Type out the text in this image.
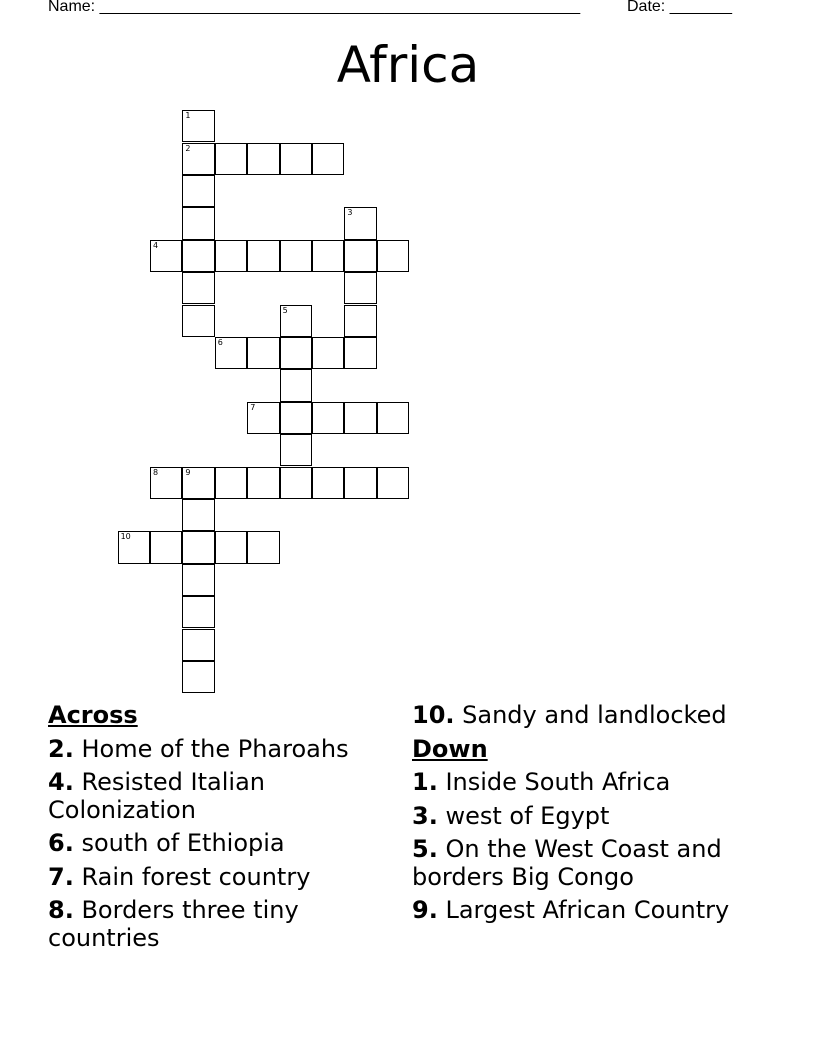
Name: ______________________________________________________	Date: _______
Africa
1
2
3
4
5
6
7
8	9
10
Across
2. Home of the Pharoahs
4. Resisted Italian Colonization
6. south of Ethiopia
7. Rain forest country
8. Borders three tiny countries
10. Sandy and landlocked
Down
1. Inside South Africa
3. west of Egypt
5. On the West Coast and borders Big Congo
9. Largest African Country
